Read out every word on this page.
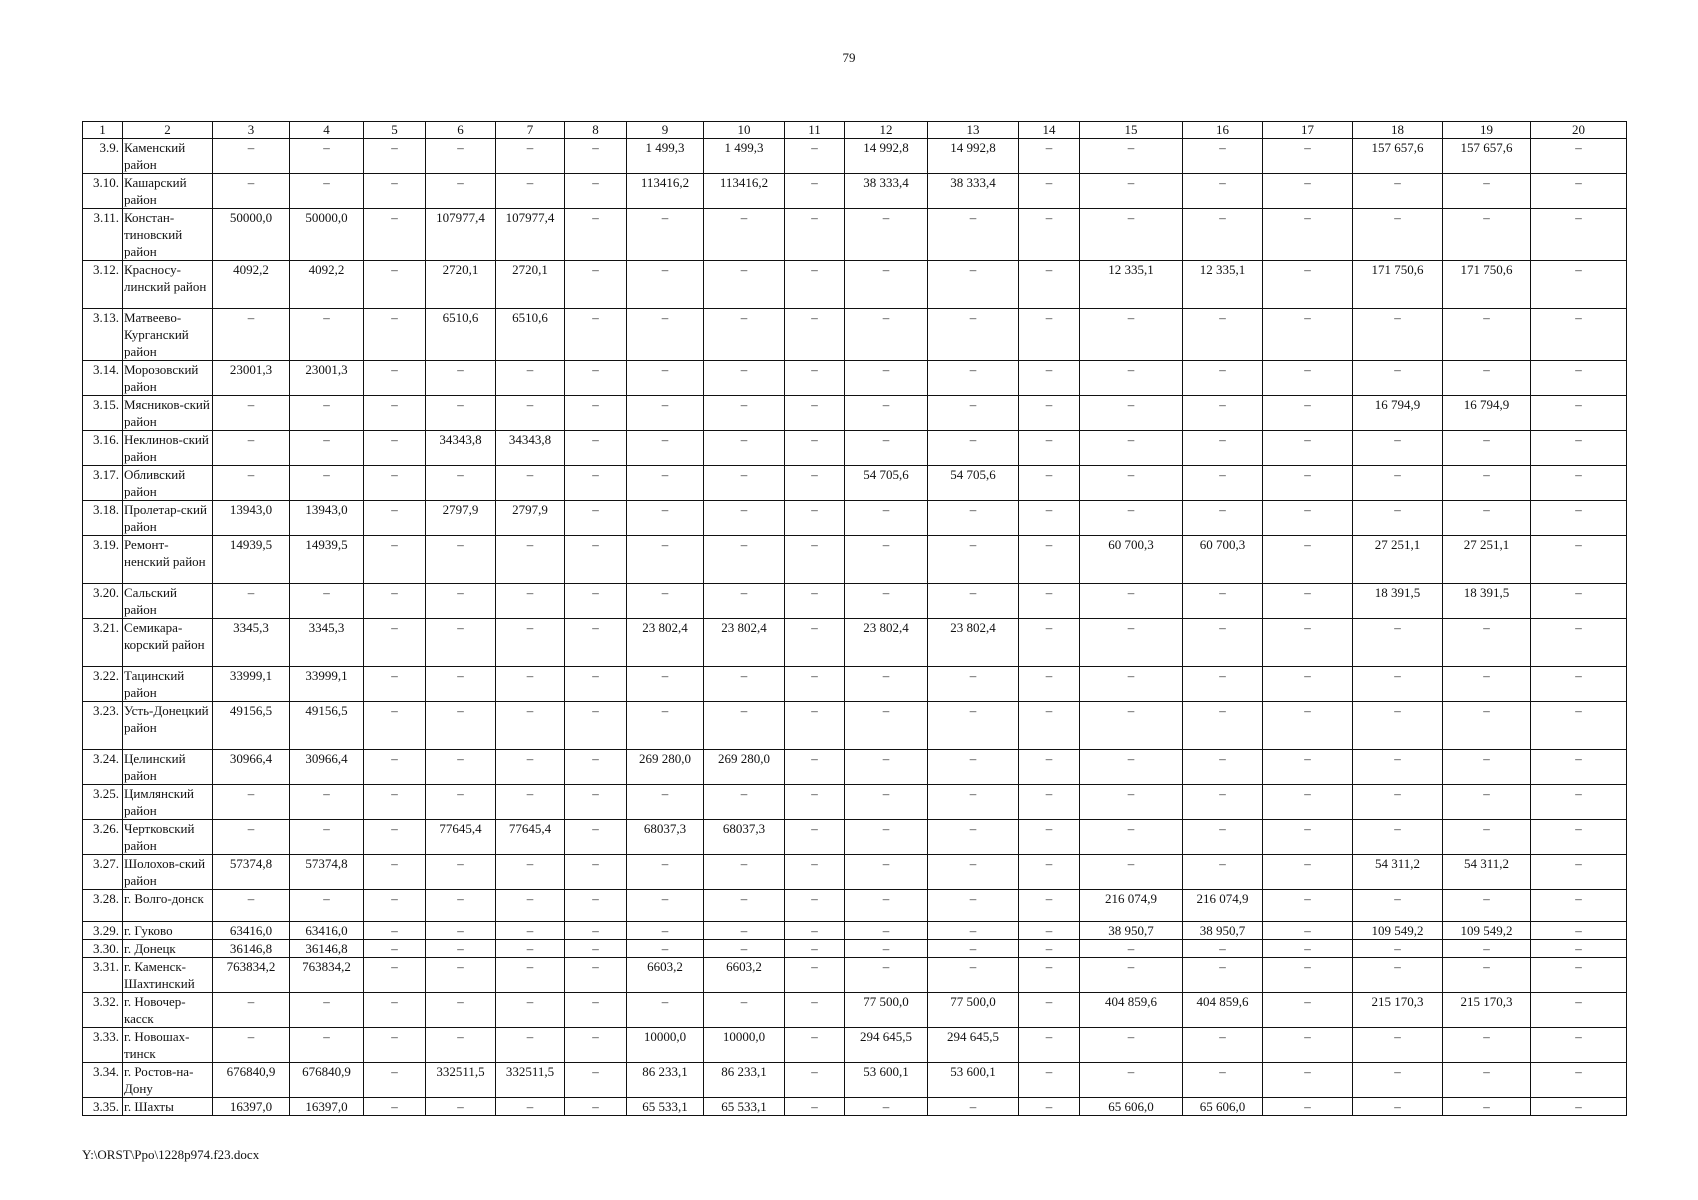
79
1	2	3	4	5	6	7	8	9	10	11	12	13	14	15	16	17	18	19	20
3.9.	Каменский район	–	–	–	–	–	–	1 499,3	1 499,3	–	14 992,8	14 992,8	–	–	–	–	157 657,6	157 657,6	–
3.10.	Кашарский район	–	–	–	–	–	–	113416,2	113416,2	–	38 333,4	38 333,4	–	–	–	–	–	–	–
3.11.	Констан-тиновский район	50000,0	50000,0	–	107977,4	107977,4	–	–	–	–	–	–	–	–	–	–	–	–	–
3.12.	Красносу-линский район	4092,2	4092,2	–	2720,1	2720,1	–	–	–	–	–	–	–	12 335,1	12 335,1	–	171 750,6	171 750,6	–
3.13.	Матвеево-Курганский район	–	–	–	6510,6	6510,6	–	–	–	–	–	–	–	–	–	–	–	–	–
3.14.	Морозовский район	23001,3	23001,3	–	–	–	–	–	–	–	–	–	–	–	–	–	–	–	–
3.15.	Мясников-ский район	–	–	–	–	–	–	–	–	–	–	–	–	–	–	–	16 794,9	16 794,9	–
3.16.	Неклинов-ский район	–	–	–	34343,8	34343,8	–	–	–	–	–	–	–	–	–	–	–	–	–
3.17.	Обливский район	–	–	–	–	–	–	–	–	–	54 705,6	54 705,6	–	–	–	–	–	–	–
3.18.	Пролетар-ский район	13943,0	13943,0	–	2797,9	2797,9	–	–	–	–	–	–	–	–	–	–	–	–	–
3.19.	Ремонт-ненский район	14939,5	14939,5	–	–	–	–	–	–	–	–	–	–	60 700,3	60 700,3	–	27 251,1	27 251,1	–
3.20.	Сальский район	–	–	–	–	–	–	–	–	–	–	–	–	–	–	–	18 391,5	18 391,5	–
3.21.	Семикара-корский район	3345,3	3345,3	–	–	–	–	23 802,4	23 802,4	–	23 802,4	23 802,4	–	–	–	–	–	–	–
3.22.	Тацинский район	33999,1	33999,1	–	–	–	–	–	–	–	–	–	–	–	–	–	–	–	–
3.23.	Усть-Донецкий район	49156,5	49156,5	–	–	–	–	–	–	–	–	–	–	–	–	–	–	–	–
3.24.	Целинский район	30966,4	30966,4	–	–	–	–	269 280,0	269 280,0	–	–	–	–	–	–	–	–	–	–
3.25.	Цимлянский район	–	–	–	–	–	–	–	–	–	–	–	–	–	–	–	–	–	–
3.26.	Чертковский район	–	–	–	77645,4	77645,4	–	68037,3	68037,3	–	–	–	–	–	–	–	–	–	–
3.27.	Шолохов-ский район	57374,8	57374,8	–	–	–	–	–	–	–	–	–	–	–	–	–	54 311,2	54 311,2	–
3.28.	г. Волго-донск	–	–	–	–	–	–	–	–	–	–	–	–	216 074,9	216 074,9	–	–	–	–
3.29.	г. Гуково	63416,0	63416,0	–	–	–	–	–	–	–	–	–	–	38 950,7	38 950,7	–	109 549,2	109 549,2	–
3.30.	г. Донецк	36146,8	36146,8	–	–	–	–	–	–	–	–	–	–	–	–	–	–	–	–
3.31.	г. Каменск-Шахтинский	763834,2	763834,2	–	–	–	–	6603,2	6603,2	–	–	–	–	–	–	–	–	–	–
3.32.	г. Новочер-касск	–	–	–	–	–	–	–	–	–	77 500,0	77 500,0	–	404 859,6	404 859,6	–	215 170,3	215 170,3	–
3.33.	г. Новошах-тинск	–	–	–	–	–	–	10000,0	10000,0	–	294 645,5	294 645,5	–	–	–	–	–	–	–
3.34.	г. Ростов-на-Дону	676840,9	676840,9	–	332511,5	332511,5	–	86 233,1	86 233,1	–	53 600,1	53 600,1	–	–	–	–	–	–	–
3.35.	г. Шахты	16397,0	16397,0	–	–	–	–	65 533,1	65 533,1	–	–	–	–	65 606,0	65 606,0	–	–	–	–
Y:\ORST\Ppo\1228p974.f23.docx
